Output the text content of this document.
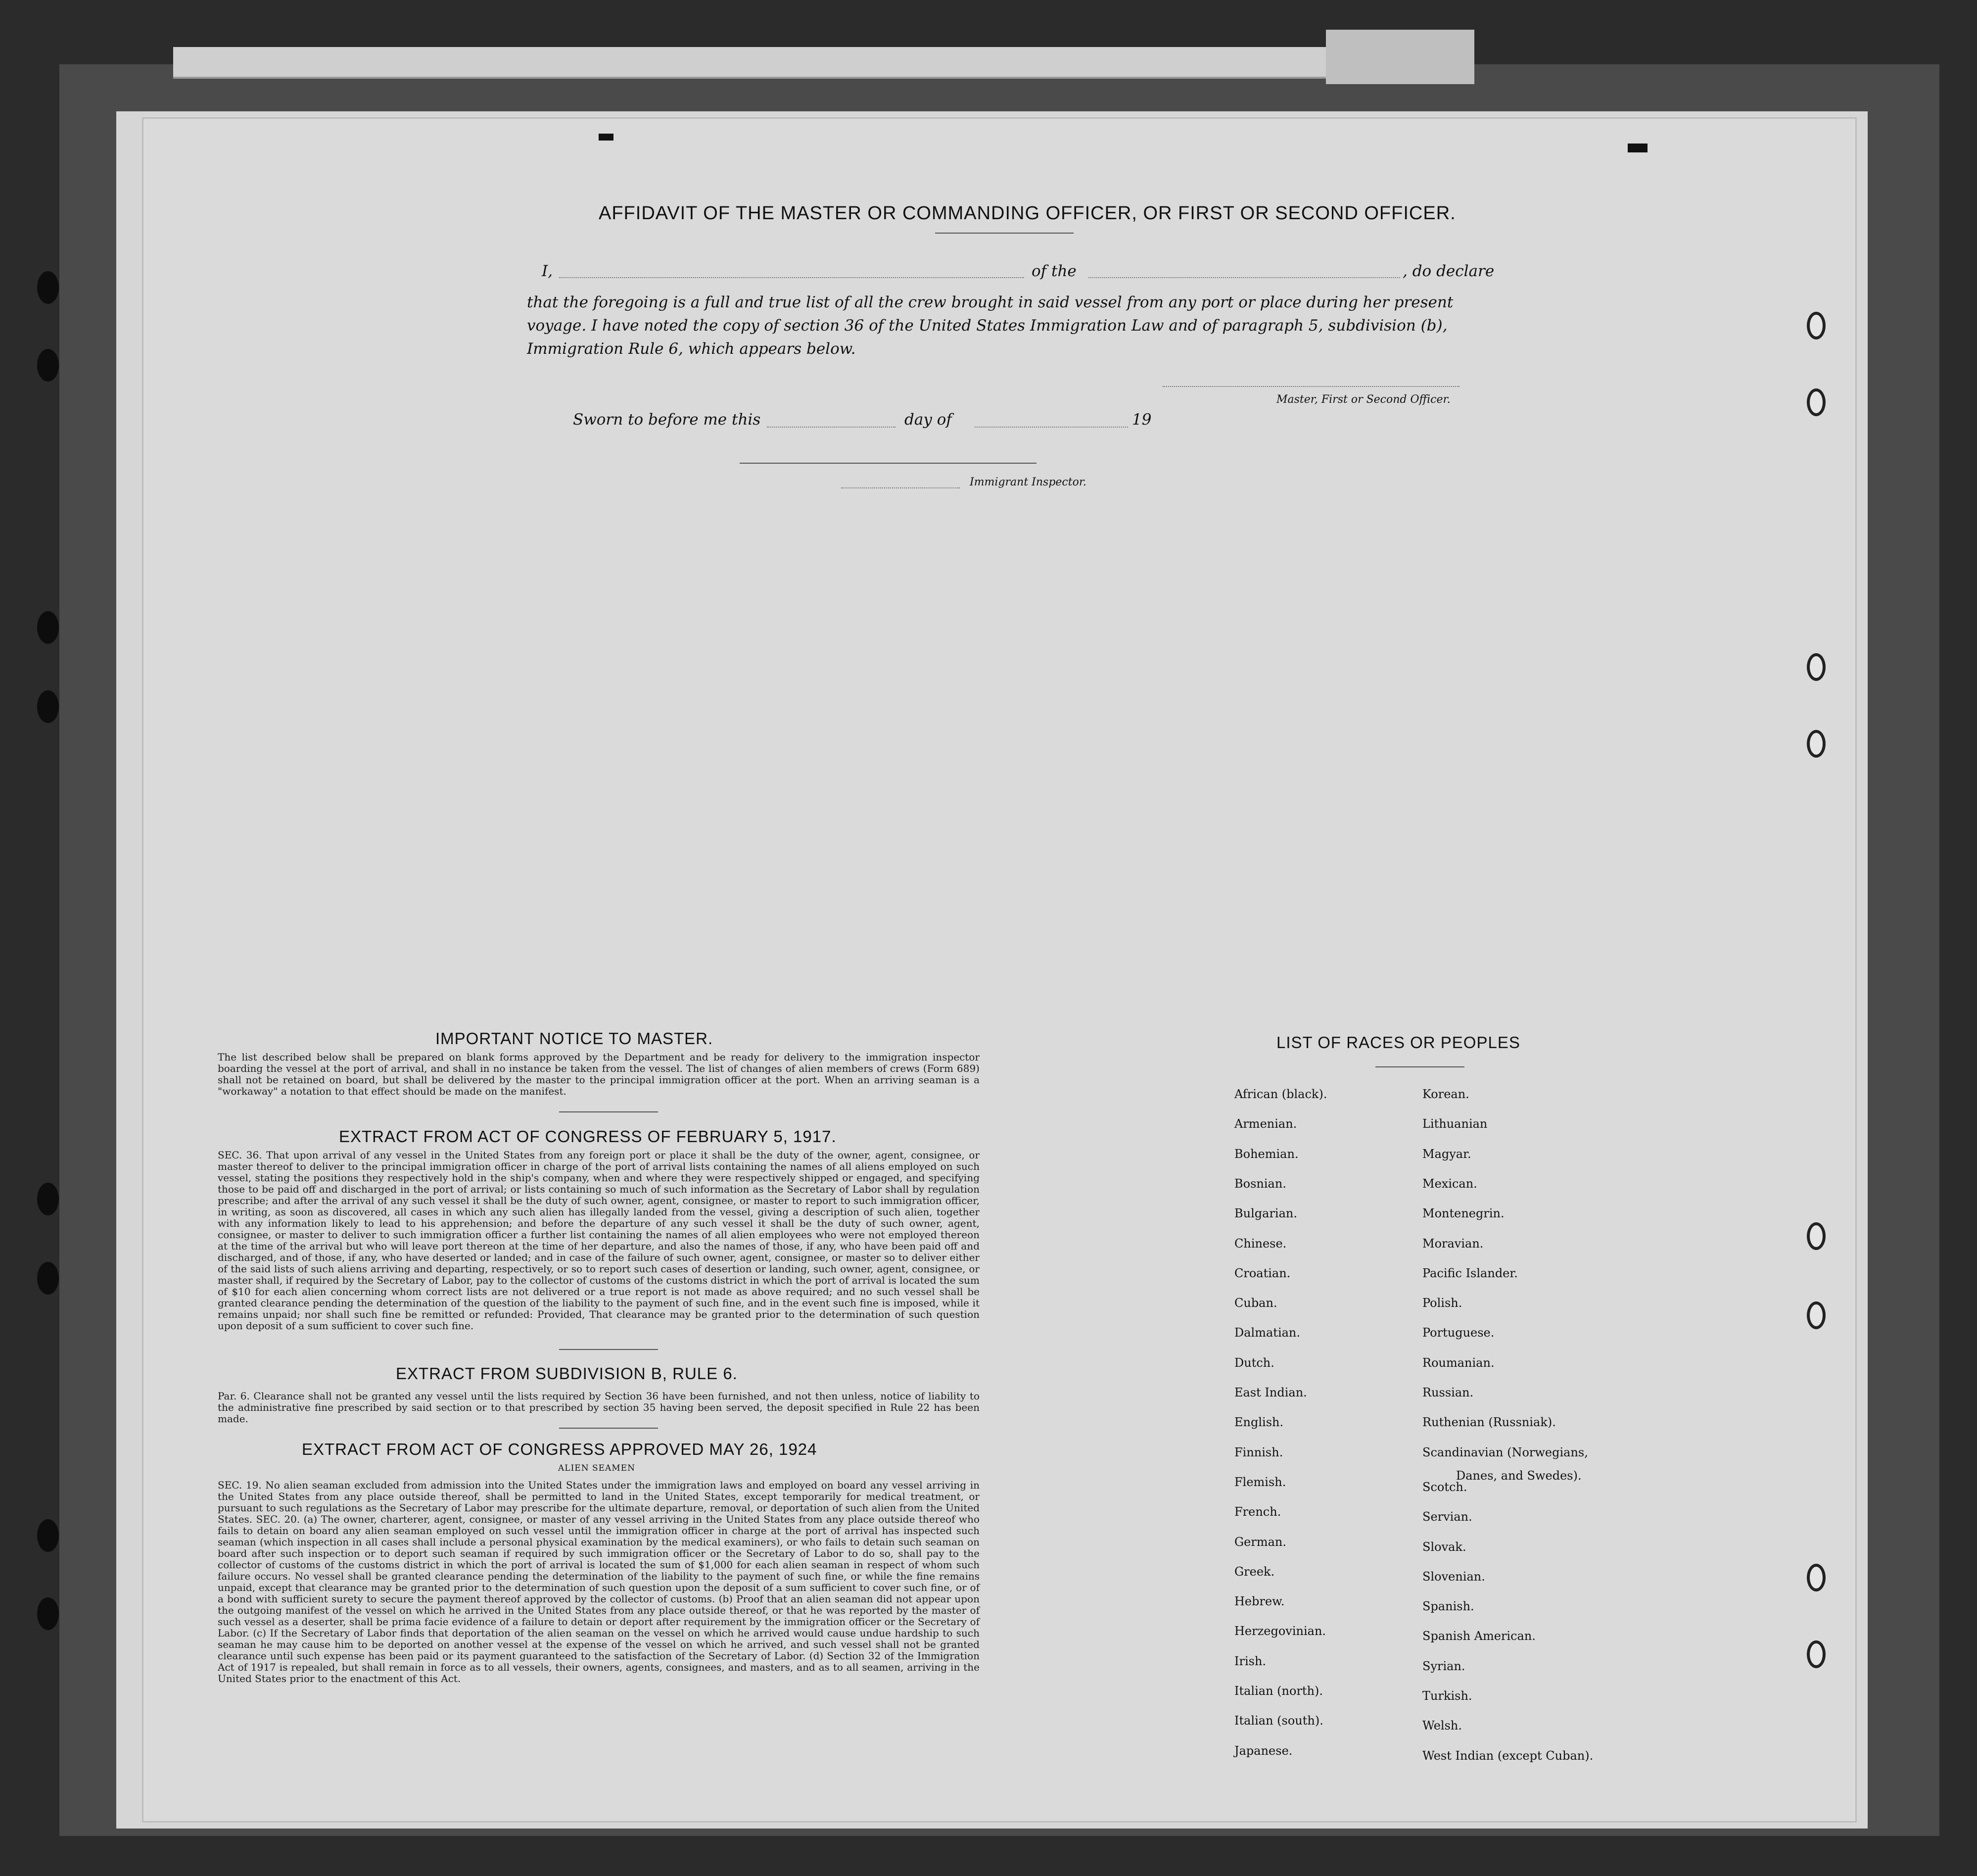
AFFIDAVIT OF THE MASTER OR COMMANDING OFFICER, OR FIRST OR SECOND OFFICER.
I,	of the	, do declare
that the foregoing is a full and true list of all the crew brought in said vessel from any port or place during her present
voyage. I have noted the copy of section 36 of the United States Immigration Law and of paragraph 5, subdivision (b),
Immigration Rule 6, which appears below.
Master, First or Second Officer.
Sworn to before me this	day of	19
Immigrant Inspector.
IMPORTANT NOTICE TO MASTER.
The list described below shall be prepared on blank forms approved by the Department and be ready for delivery to the immigration inspector boarding the vessel at the port of arrival, and shall in no instance be taken from the vessel. The list of changes of alien members of crews (Form 689) shall not be retained on board, but shall be delivered by the master to the principal immigration officer at the port. When an arriving seaman is a "workaway" a notation to that effect should be made on the manifest.
EXTRACT FROM ACT OF CONGRESS OF FEBRUARY 5, 1917.
SEC. 36. That upon arrival of any vessel in the United States from any foreign port or place it shall be the duty of the owner, agent, consignee, or master thereof to deliver to the principal immigration officer in charge of the port of arrival lists containing the names of all aliens employed on such vessel, stating the positions they respectively hold in the ship's company, when and where they were respectively shipped or engaged, and specifying those to be paid off and discharged in the port of arrival; or lists containing so much of such information as the Secretary of Labor shall by regulation prescribe; and after the arrival of any such vessel it shall be the duty of such owner, agent, consignee, or master to report to such immigration officer, in writing, as soon as discovered, all cases in which any such alien has illegally landed from the vessel, giving a description of such alien, together with any information likely to lead to his apprehension; and before the departure of any such vessel it shall be the duty of such owner, agent, consignee, or master to deliver to such immigration officer a further list containing the names of all alien employees who were not employed thereon at the time of the arrival but who will leave port thereon at the time of her departure, and also the names of those, if any, who have been paid off and discharged, and of those, if any, who have deserted or landed; and in case of the failure of such owner, agent, consignee, or master so to deliver either of the said lists of such aliens arriving and departing, respectively, or so to report such cases of desertion or landing, such owner, agent, consignee, or master shall, if required by the Secretary of Labor, pay to the collector of customs of the customs district in which the port of arrival is located the sum of $10 for each alien concerning whom correct lists are not delivered or a true report is not made as above required; and no such vessel shall be granted clearance pending the determination of the question of the liability to the payment of such fine, and in the event such fine is imposed, while it remains unpaid; nor shall such fine be remitted or refunded: Provided, That clearance may be granted prior to the determination of such question upon deposit of a sum sufficient to cover such fine.
EXTRACT FROM SUBDIVISION B, RULE 6.
Par. 6. Clearance shall not be granted any vessel until the lists required by Section 36 have been furnished, and not then unless, notice of liability to the administrative fine prescribed by said section or to that prescribed by section 35 having been served, the deposit specified in Rule 22 has been made.
EXTRACT FROM ACT OF CONGRESS APPROVED MAY 26, 1924
ALIEN SEAMEN
SEC. 19. No alien seaman excluded from admission into the United States under the immigration laws and employed on board any vessel arriving in the United States from any place outside thereof, shall be permitted to land in the United States, except temporarily for medical treatment, or pursuant to such regulations as the Secretary of Labor may prescribe for the ultimate departure, removal, or deportation of such alien from the United States. SEC. 20. (a) The owner, charterer, agent, consignee, or master of any vessel arriving in the United States from any place outside thereof who fails to detain on board any alien seaman employed on such vessel until the immigration officer in charge at the port of arrival has inspected such seaman (which inspection in all cases shall include a personal physical examination by the medical examiners), or who fails to detain such seaman on board after such inspection or to deport such seaman if required by such immigration officer or the Secretary of Labor to do so, shall pay to the collector of customs of the customs district in which the port of arrival is located the sum of $1,000 for each alien seaman in respect of whom such failure occurs. No vessel shall be granted clearance pending the determination of the liability to the payment of such fine, or while the fine remains unpaid, except that clearance may be granted prior to the determination of such question upon the deposit of a sum sufficient to cover such fine, or of a bond with sufficient surety to secure the payment thereof approved by the collector of customs. (b) Proof that an alien seaman did not appear upon the outgoing manifest of the vessel on which he arrived in the United States from any place outside thereof, or that he was reported by the master of such vessel as a deserter, shall be prima facie evidence of a failure to detain or deport after requirement by the immigration officer or the Secretary of Labor. (c) If the Secretary of Labor finds that deportation of the alien seaman on the vessel on which he arrived would cause undue hardship to such seaman he may cause him to be deported on another vessel at the expense of the vessel on which he arrived, and such vessel shall not be granted clearance until such expense has been paid or its payment guaranteed to the satisfaction of the Secretary of Labor. (d) Section 32 of the Immigration Act of 1917 is repealed, but shall remain in force as to all vessels, their owners, agents, consignees, and masters, and as to all seamen, arriving in the United States prior to the enactment of this Act.
LIST OF RACES OR PEOPLES
African (black).
Armenian.
Bohemian.
Bosnian.
Bulgarian.
Chinese.
Croatian.
Cuban.
Dalmatian.
Dutch.
East Indian.
English.
Finnish.
Flemish.
French.
German.
Greek.
Hebrew.
Herzegovinian.
Irish.
Italian (north).
Italian (south).
Japanese.
Korean.
Lithuanian
Magyar.
Mexican.
Montenegrin.
Moravian.
Pacific Islander.
Polish.
Portuguese.
Roumanian.
Russian.
Ruthenian (Russniak).
Scandinavian (Norwegians,
Scotch.
Servian.
Slovak.
Slovenian.
Spanish.
Spanish American.
Syrian.
Turkish.
Welsh.
West Indian (except Cuban).
Danes, and Swedes).
